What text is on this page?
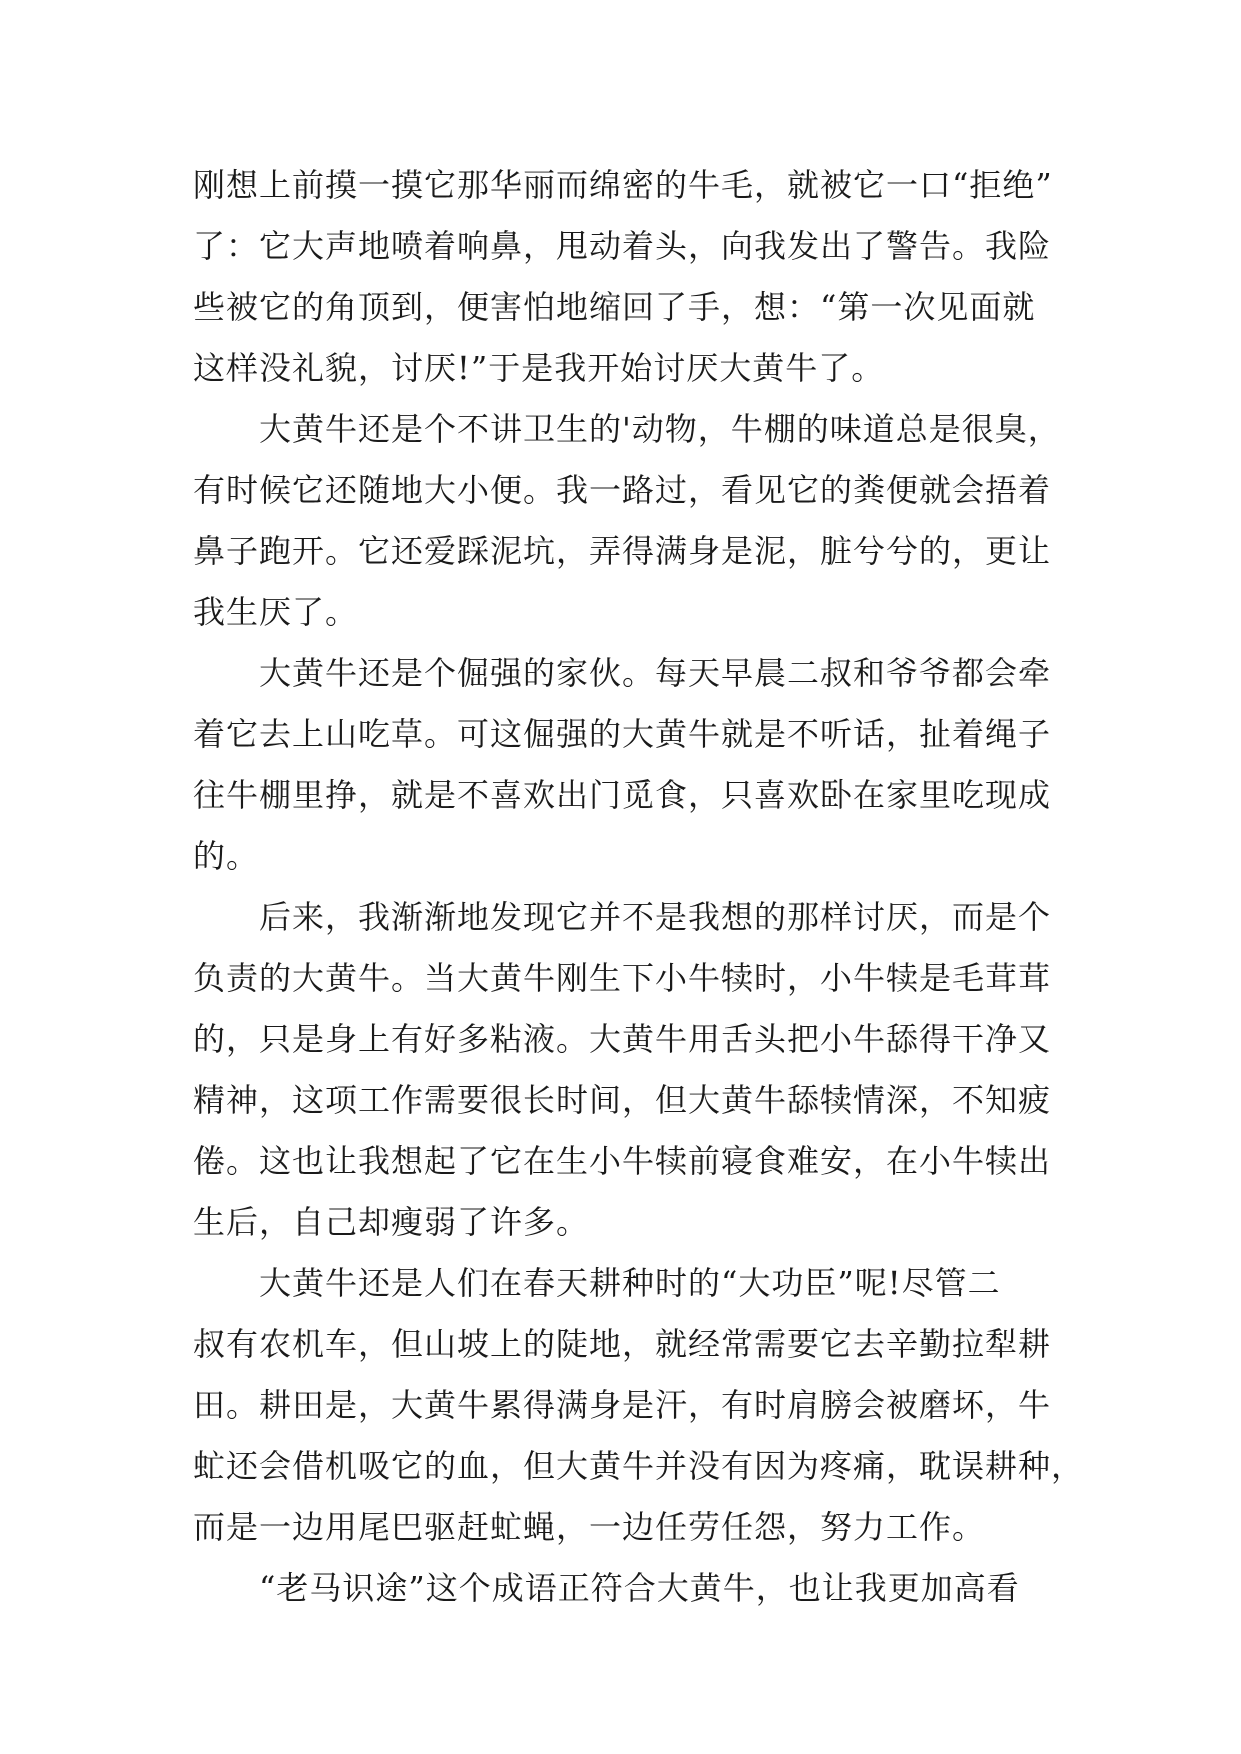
刚想上前摸一摸它那华丽而绵密的牛毛，就被它一口“拒绝”
了：它大声地喷着响鼻，甩动着头，向我发出了警告。我险
些被它的角顶到，便害怕地缩回了手，想：“第一次见面就
这样没礼貌，讨厌!”于是我开始讨厌大黄牛了。
大黄牛还是个不讲卫生的'动物，牛棚的味道总是很臭，
有时候它还随地大小便。我一路过，看见它的粪便就会捂着
鼻子跑开。它还爱踩泥坑，弄得满身是泥，脏兮兮的，更让
我生厌了。
大黄牛还是个倔强的家伙。每天早晨二叔和爷爷都会牵
着它去上山吃草。可这倔强的大黄牛就是不听话，扯着绳子
往牛棚里挣，就是不喜欢出门觅食，只喜欢卧在家里吃现成
的。
后来，我渐渐地发现它并不是我想的那样讨厌，而是个
负责的大黄牛。当大黄牛刚生下小牛犊时，小牛犊是毛茸茸
的，只是身上有好多粘液。大黄牛用舌头把小牛舔得干净又
精神，这项工作需要很长时间，但大黄牛舔犊情深，不知疲
倦。这也让我想起了它在生小牛犊前寝食难安，在小牛犊出
生后，自己却瘦弱了许多。
大黄牛还是人们在春天耕种时的“大功臣”呢!尽管二
叔有农机车，但山坡上的陡地，就经常需要它去辛勤拉犁耕
田。耕田是，大黄牛累得满身是汗，有时肩膀会被磨坏，牛
虻还会借机吸它的血，但大黄牛并没有因为疼痛，耽误耕种，
而是一边用尾巴驱赶虻蝇，一边任劳任怨，努力工作。
“老马识途”这个成语正符合大黄牛，也让我更加高看
